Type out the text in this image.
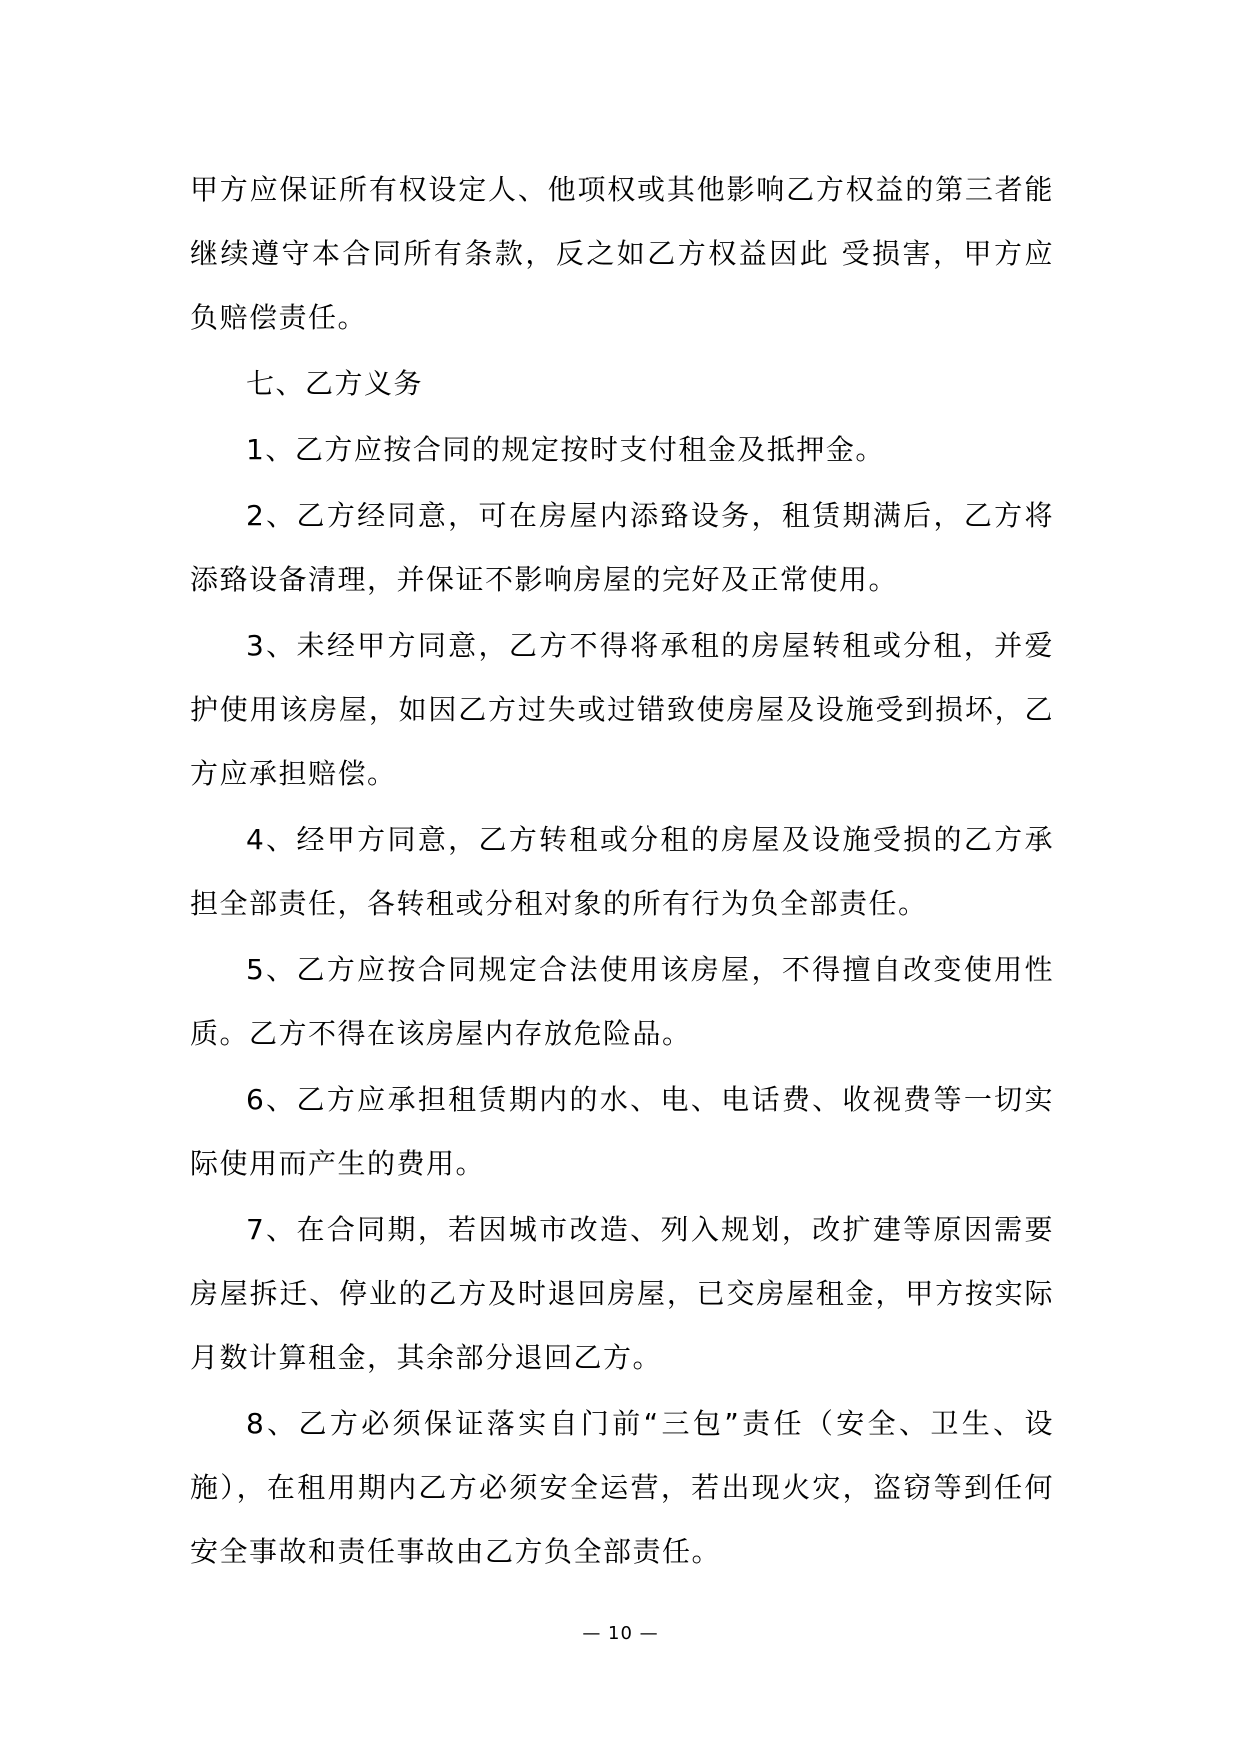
甲方应保证所有权设定人、他项权或其他影响乙方权益的第三者能继续遵守本合同所有条款，反之如乙方权益因此 受损害，甲方应负赔偿责任。

七、乙方义务

1、乙方应按合同的规定按时支付租金及抵押金。

2、乙方经同意，可在房屋内添臵设务，租赁期满后，乙方将添臵设备清理，并保证不影响房屋的完好及正常使用。

3、未经甲方同意，乙方不得将承租的房屋转租或分租，并爱护使用该房屋，如因乙方过失或过错致使房屋及设施受到损坏，乙方应承担赔偿。

4、经甲方同意，乙方转租或分租的房屋及设施受损的乙方承担全部责任，各转租或分租对象的所有行为负全部责任。

5、乙方应按合同规定合法使用该房屋，不得擅自改变使用性质。乙方不得在该房屋内存放危险品。

6、乙方应承担租赁期内的水、电、电话费、收视费等一切实际使用而产生的费用。

7、在合同期，若因城市改造、列入规划，改扩建等原因需要房屋拆迁、停业的乙方及时退回房屋，已交房屋租金，甲方按实际月数计算租金，其余部分退回乙方。

8、乙方必须保证落实自门前“三包”责任（安全、卫生、设施），在租用期内乙方必须安全运营，若出现火灾，盗窃等到任何安全事故和责任事故由乙方负全部责任。

— 10 —
